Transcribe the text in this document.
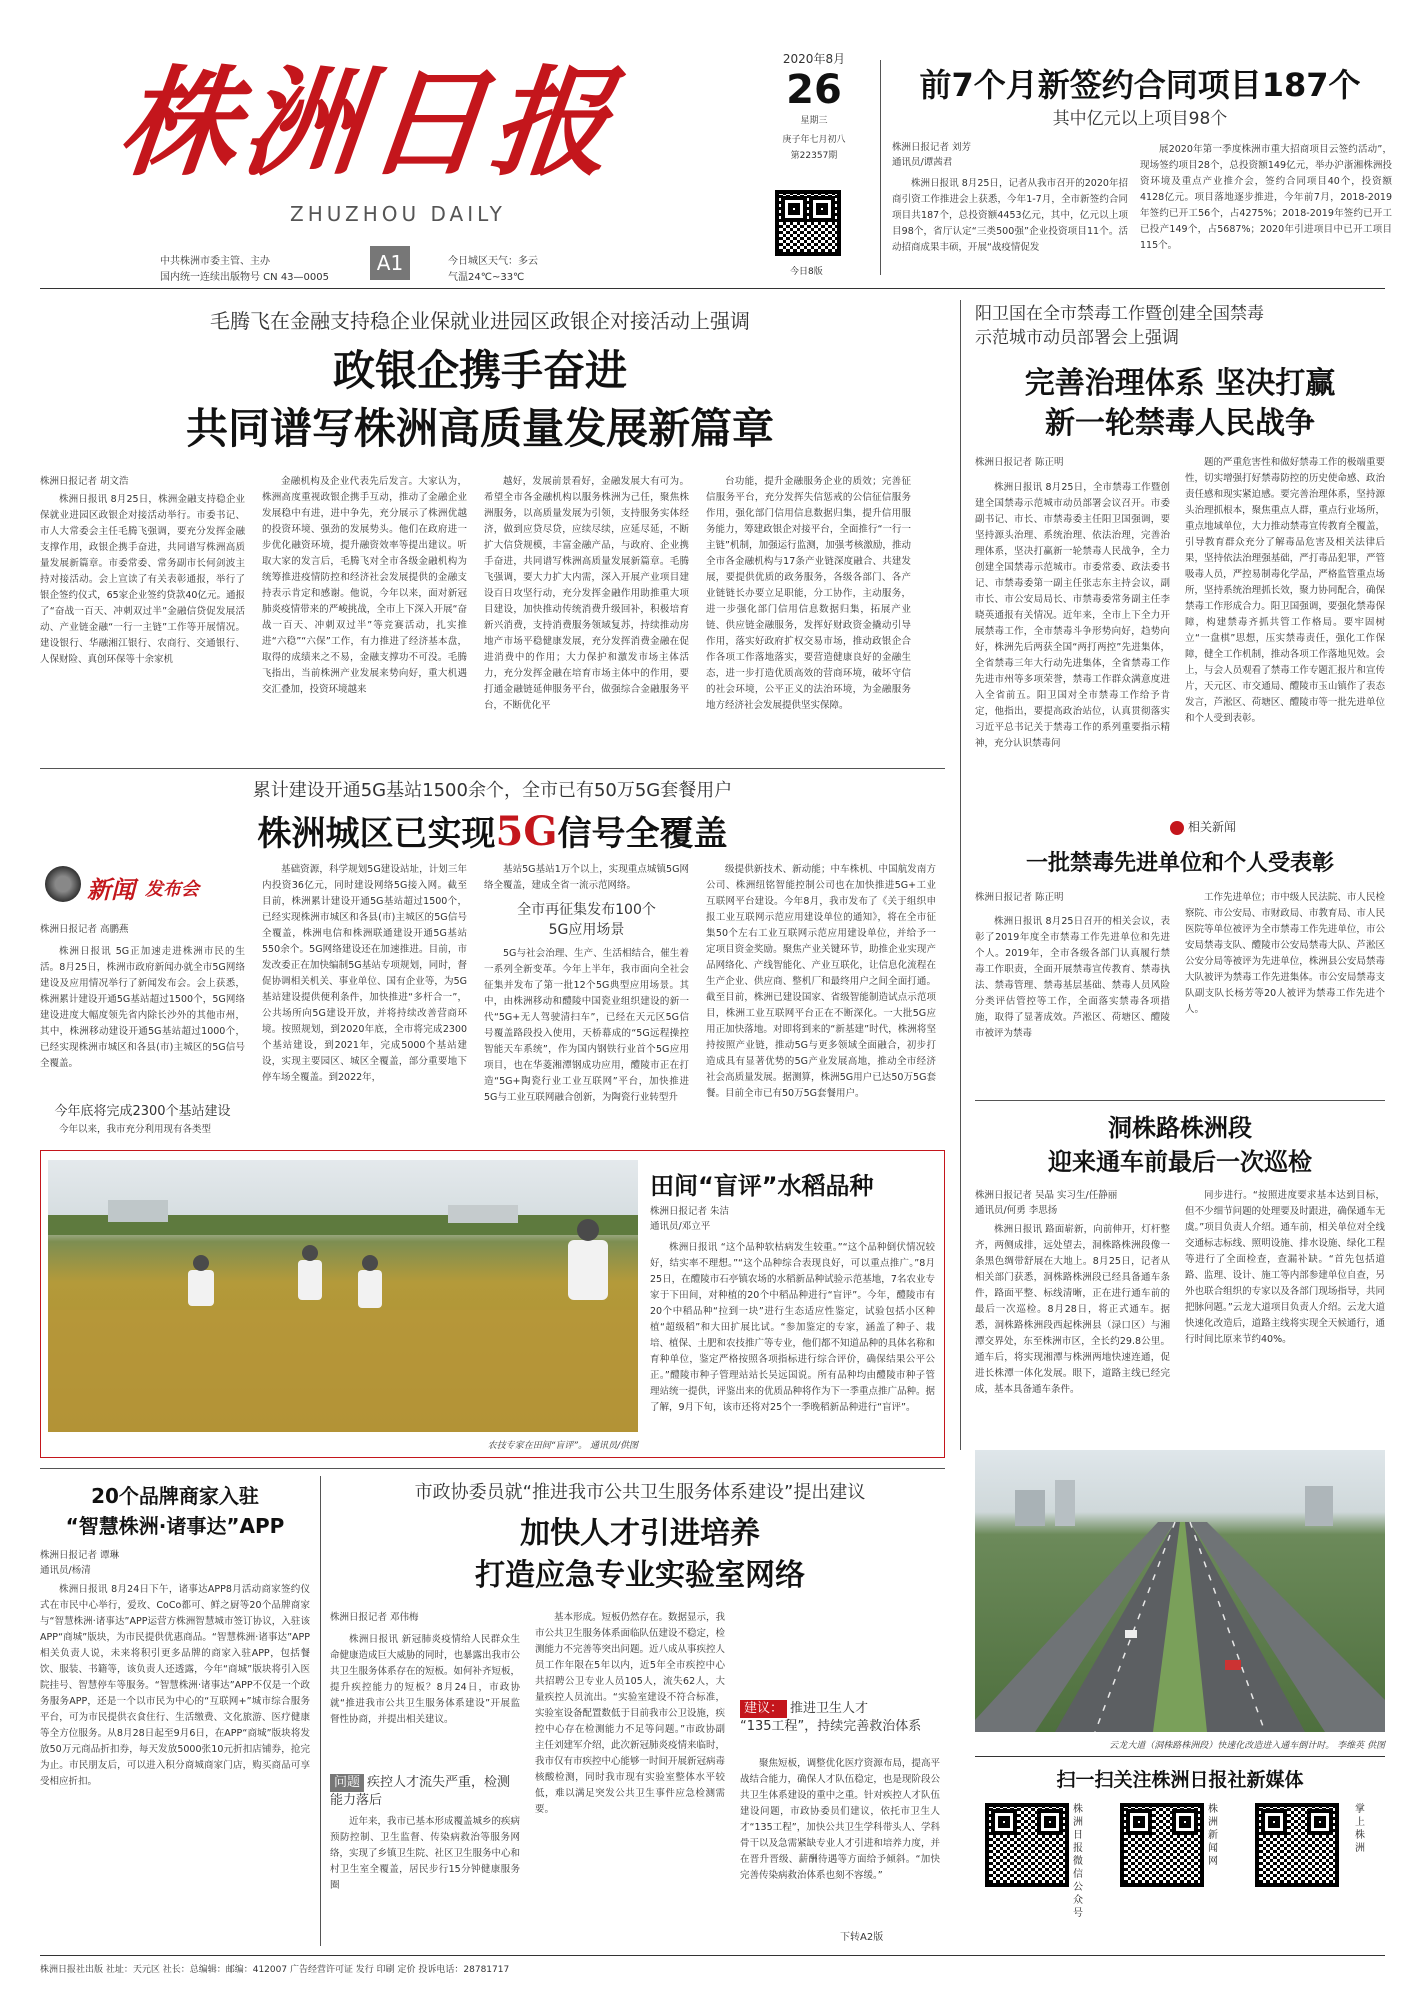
株洲日报
ZHUZHOU DAILY
中共株洲市委主管、主办
国内统一连续出版物号 CN 43—0005
A1	今日城区天气：多云
气温24℃~33℃
2020年8月
26
星期三
庚子年七月初八
第22357期
今日8版
前7个月新签约合同项目187个
其中亿元以上项目98个
株洲日报记者 刘芳
通讯员/谭茜君
株洲日报讯 8月25日，记者从我市召开的2020年招商引资工作推进会上获悉，今年1-7月，全市新签约合同项目共187个，总投资额4453亿元，其中，亿元以上项目98个，省厅认定“三类500强”企业投资项目11个。活动招商成果丰硕，开展“战疫情促发
展2020年第一季度株洲市重大招商项目云签约活动”，现场签约项目28个，总投资额149亿元，举办沪浙湘株洲投资环境及重点产业推介会，签约合同项目40个，投资额4128亿元。项目落地逐步推进，今年前7月，2018-2019年签约已开工56个，占4275%；2018-2019年签约已开工已投产149个，占5687%；2020年引进项目中已开工项目115个。
毛腾飞在金融支持稳企业保就业进园区政银企对接活动上强调
政银企携手奋进
共同谱写株洲高质量发展新篇章
株洲日报记者 胡文浩
株洲日报讯 8月25日，株洲金融支持稳企业保就业进园区政银企对接活动举行。市委书记、市人大常委会主任毛腾飞强调，要充分发挥金融支撑作用，政银企携手奋进，共同谱写株洲高质量发展新篇章。市委常委、常务副市长何剑波主持对接活动。会上宣读了有关表彰通报，举行了银企签约仪式，65家企业签约贷款40亿元。通报了“奋战一百天、冲刺双过半”金融信贷促发展活动、产业链金融“一行一主链”工作等开展情况。建设银行、华融湘江银行、农商行、交通银行、人保财险、真创环保等十余家机
金融机构及企业代表先后发言。大家认为，株洲高度重视政银企携手互动，推动了金融企业发展稳中有进，进中争先，充分展示了株洲优越的投资环境、强劲的发展势头。他们在政府进一步优化融资环境，提升融资效率等提出建议。听取大家的发言后，毛腾飞对全市各级金融机构为统筹推进疫情防控和经济社会发展提供的金融支持表示肯定和感谢。他说，今年以来，面对新冠肺炎疫情带来的严峻挑战，全市上下深入开展“奋战一百天、冲刺双过半”等竞赛活动，扎实推进“六稳”“六保”工作，有力推进了经济基本盘，取得的成绩来之不易，金融支撑功不可没。毛腾飞指出，当前株洲产业发展来势向好，重大机遇交汇叠加，投资环境越来
越好，发展前景看好，金融发展大有可为。希望全市各金融机构以服务株洲为己任，聚焦株洲服务，以高质量发展为引领，支持服务实体经济，做到应贷尽贷，应续尽续，应延尽延，不断扩大信贷规模，丰富金融产品，与政府、企业携手奋进，共同谱写株洲高质量发展新篇章。毛腾飞强调，要大力扩大内需，深入开展产业项目建设百日攻坚行动，充分发挥金融作用助推重大项目建设，加快推动传统消费升级回补，积极培育新兴消费，支持消费服务领域复苏，持续推动房地产市场平稳健康发展，充分发挥消费金融在促进消费中的作用；大力保护和激发市场主体活力，充分发挥金融在培育市场主体中的作用，要打通金融链延伸服务平台，做强综合金融服务平台，不断优化平
台功能，提升金融服务企业的质效；完善征信服务平台，充分发挥失信惩戒的公信征信服务作用，强化部门信用信息数据归集，提升信用服务能力，筹建政银企对接平台，全面推行“一行一主链”机制，加强运行监测，加强考核激励，推动全市各金融机构与17条产业链深度融合、共建发展，要提供优质的政务服务，各级各部门、各产业链链长办要立足职能，分工协作，主动服务，进一步强化部门信用信息数据归集，拓展产业链、供应链金融服务，发挥好财政资金撬动引导作用，落实好政府扩权交易市场，推动政银企合作各项工作落地落实，要营造健康良好的金融生态，进一步打造优质高效的营商环境，破坏守信的社会环境，公平正义的法治环境，为金融服务地方经济社会发展提供坚实保障。
阳卫国在全市禁毒工作暨创建全国禁毒
示范城市动员部署会上强调
完善治理体系 坚决打赢
新一轮禁毒人民战争
株洲日报记者 陈正明
株洲日报讯 8月25日，全市禁毒工作暨创建全国禁毒示范城市动员部署会议召开。市委副书记、市长、市禁毒委主任阳卫国强调，要坚持源头治理、系统治理、依法治理，完善治理体系，坚决打赢新一轮禁毒人民战争，全力创建全国禁毒示范城市。市委常委、政法委书记、市禁毒委第一副主任张志东主持会议，副市长、市公安局局长、市禁毒委常务副主任李晓英通报有关情况。近年来，全市上下全力开展禁毒工作，全市禁毒斗争形势向好，趋势向好，株洲先后两获全国“两打两控”先进集体，全省禁毒三年大行动先进集体，全省禁毒工作先进市州等多项荣誉，禁毒工作群众满意度进入全省前五。阳卫国对全市禁毒工作给予肯定，他指出，要提高政治站位，认真贯彻落实习近平总书记关于禁毒工作的系列重要指示精神，充分认识禁毒问
题的严重危害性和做好禁毒工作的极端重要性，切实增强打好禁毒防控的历史使命感、政治责任感和现实紧迫感。要完善治理体系，坚持源头治理抓根本，聚焦重点人群，重点行业场所，重点地域单位，大力推动禁毒宣传教育全覆盖，引导教育群众充分了解毒品危害及相关法律后果，坚持依法治理强基础，严打毒品犯罪，严管吸毒人员，严控易制毒化学品，严格监管重点场所，坚持系统治理抓长效，聚力协同配合，确保禁毒工作形成合力。阳卫国强调，要强化禁毒保障，构建禁毒齐抓共管工作格局。要牢固树立“一盘棋”思想，压实禁毒责任，强化工作保障，健全工作机制，推动各项工作落地见效。会上，与会人员观看了禁毒工作专题汇报片和宣传片，天元区、市交通局、醴陵市玉山镇作了表态发言，芦淞区、荷塘区、醴陵市等一批先进单位和个人受到表彰。
相关新闻
一批禁毒先进单位和个人受表彰
株洲日报记者 陈正明
株洲日报讯 8月25日召开的相关会议，表彰了2019年度全市禁毒工作先进单位和先进个人。2019年，全市各级各部门认真履行禁毒工作职责，全面开展禁毒宣传教育、禁毒执法、禁毒管理、禁毒基层基础、禁毒人员风险分类评估管控等工作，全面落实禁毒各项措施，取得了显著成效。芦淞区、荷塘区、醴陵市被评为禁毒
工作先进单位；市中级人民法院、市人民检察院、市公安局、市财政局、市教育局、市人民医院等单位被评为全市禁毒工作先进单位，市公安局禁毒支队、醴陵市公安局禁毒大队、芦淞区公安分局等被评为先进单位，株洲县公安局禁毒大队被评为禁毒工作先进集体。市公安局禁毒支队副支队长杨芳等20人被评为禁毒工作先进个人。
洞株路株洲段
迎来通车前最后一次巡检
株洲日报记者 吴晶 实习生/任静丽
通讯员/何勇 李思扬
株洲日报讯 路面崭新，向前伸开，灯杆整齐，两侧成排，远处望去，洞株路株洲段像一条黑色绸带舒展在大地上。8月25日，记者从相关部门获悉，洞株路株洲段已经具备通车条件，路面平整、标线清晰，正在进行通车前的最后一次巡检。8月28日，将正式通车。据悉，洞株路株洲段西起株洲县（渌口区）与湘潭交界处，东至株洲市区，全长约29.8公里。通车后，将实现湘潭与株洲两地快速连通，促进长株潭一体化发展。眼下，道路主线已经完成，基本具备通车条件。
同步进行。“按照进度要求基本达到目标，但不少细节问题的处理要及时跟进，确保通车无虞。”项目负责人介绍。通车前，相关单位对全线交通标志标线、照明设施、排水设施、绿化工程等进行了全面检查，查漏补缺。“首先包括道路、监理、设计、施工等内部参建单位自查，另外也联合组织的专家以及各部门现场指导，共同把脉问题。”云龙大道项目负责人介绍。云龙大道快速化改造后，道路主线将实现全天候通行，通行时间比原来节约40%。
云龙大道（洞株路株洲段）快速化改造进入通车倒计时。 李维英 供图
累计建设开通5G基站1500余个，全市已有50万5G套餐用户
株洲城区已实现5G信号全覆盖
新闻 发布会
株洲日报记者 高鹏燕
株洲日报讯 5G正加速走进株洲市民的生活。8月25日，株洲市政府新闻办就全市5G网络建设及应用情况举行了新闻发布会。会上获悉，株洲累计建设开通5G基站超过1500个，5G网络建设进度大幅度领先省内除长沙外的其他市州，其中，株洲移动建设开通5G基站超过1000个，已经实现株洲市城区和各县(市)主城区的5G信号全覆盖。
今年底将完成2300个基站建设
今年以来，我市充分利用现有各类型
基础资源，科学规划5G建设站址，计划三年内投资36亿元，同时建设网络5G接入网。截至目前，株洲累计建设开通5G基站超过1500个，已经实现株洲市城区和各县(市)主城区的5G信号全覆盖，株洲电信和株洲联通建设开通5G基站550余个。5G网络建设还在加速推进。目前，市发改委正在加快编制5G基站专项规划，同时，督促协调相关机关、事业单位、国有企业等，为5G基站建设提供便利条件，加快推进“多杆合一”，公共场所向5G建设开放，并将持续改善营商环境。按照规划，到2020年底，全市将完成2300个基站建设，到2021年，完成5000个基站建设，实现主要园区、城区全覆盖，部分重要地下停车场全覆盖。到2022年，
基站5G基站1万个以上，实现重点城镇5G网络全覆盖，建成全省一流示范网络。
全市再征集发布100个
5G应用场景
5G与社会治理、生产、生活相结合，催生着一系列全新变革。今年上半年，我市面向全社会征集并发布了第一批12个5G典型应用场景。其中，由株洲移动和醴陵中国瓷业组织建设的新一代“5G+无人驾驶清扫车”，已经在天元区5G信号覆盖路段投入使用，天桥幕成的“5G远程操控智能天车系统”，作为国内钢铁行业首个5G应用项目，也在华菱湘潭钢成功应用，醴陵市正在打造“5G+陶瓷行业工业互联网”平台，加快推进5G与工业互联网融合创新，为陶瓷行业转型升
级提供新技术、新动能；中车株机、中国航发南方公司、株洲纽铭智能控制公司也在加快推进5G+工业互联网平台建设。今年8月，我市发布了《关于组织申报工业互联网示范应用建设单位的通知》，将在全市征集50个左右工业互联网示范应用建设单位，并给予一定项目资金奖励。聚焦产业关键环节，助推企业实现产品网络化、产线智能化、产业互联化，让信息化流程在生产企业、供应商、整机厂和最终用户之间全面打通。截至目前，株洲已建设国家、省级智能制造试点示范项目，株洲工业互联网平台正在不断深化。一大批5G应用正加快落地。对即将到来的“新基建”时代，株洲将坚持按照产业链，推动5G与更多领域全面融合，初步打造成具有显著优势的5G产业发展高地，推动全市经济社会高质量发展。据测算，株洲5G用户已达50万5G套餐。目前全市已有50万5G套餐用户。
农技专家在田间“盲评”。 通讯员/供图
田间“盲评”水稻品种
株洲日报记者 朱洁
通讯员/邓立平
株洲日报讯 “这个品种软枯病发生较重。”“这个品种倒伏情况较好，结实率不理想。”“这个品种综合表现良好，可以重点推广。”8月25日，在醴陵市石亭镇农场的水稻新品种试验示范基地，7名农业专家于下田间，对种植的20个中稻品种进行“盲评”。今年，醴陵市有20个中稻品种“拉到一块”进行生态适应性鉴定，试验包括小区种植“超级稻”和大田扩展比试。“参加鉴定的专家，涵盖了种子、栽培、植保、土肥和农技推广等专业，他们都不知道品种的具体名称和育种单位，鉴定严格按照各项指标进行综合评价，确保结果公平公正。”醴陵市种子管理站站长吴远国说。所有品种均由醴陵市种子管理站统一提供，评鉴出来的优质品种将作为下一季重点推广品种。据了解，9月下旬，该市还将对25个一季晚稻新品种进行“盲评”。
20个品牌商家入驻
“智慧株洲·诸事达”APP
株洲日报记者 谭琳
通讯员/杨清
株洲日报讯 8月24日下午，诸事达APP8月活动商家签约仪式在市民中心举行，爱玫、CoCo都可、鲜之厨等20个品牌商家与“智慧株洲·诸事达”APP运营方株洲智慧城市签订协议，入驻该APP“商城”版块，为市民提供优惠商品。“智慧株洲·诸事达”APP相关负责人说，未来将积引更多品牌的商家入驻APP，包括餐饮、服装、书籍等，该负责人还透露，今年“商城”版块将引入医院挂号、智慧停车等服务。“智慧株洲·诸事达”APP不仅是一个政务服务APP，还是一个以市民为中心的“互联网+”城市综合服务平台，可为市民提供衣食住行、生活缴费、文化旅游、医疗健康等全方位服务。从8月28日起至9月6日，在APP“商城”版块将发放50万元商品折扣券，每天发放5000张10元折扣店铺券，抢完为止。市民朋友后，可以进入积分商城商家门店，购买商品可享受相应折扣。
市政协委员就“推进我市公共卫生服务体系建设”提出建议
加快人才引进培养
打造应急专业实验室网络
株洲日报记者 邓伟梅
株洲日报讯 新冠肺炎疫情给人民群众生命健康造成巨大威胁的同时，也暴露出我市公共卫生服务体系存在的短板。如何补齐短板，提升疾控能力的短板？8月24日，市政协就“推进我市公共卫生服务体系建设”开展监督性协商，并提出相关建议。
问题 疾控人才流失严重，检测能力落后
近年来，我市已基本形成覆盖城乡的疾病预防控制、卫生监督、传染病救治等服务网络，实现了乡镇卫生院、社区卫生服务中心和村卫生室全覆盖，居民步行15分钟健康服务圈
基本形成。短板仍然存在。数据显示，我市公共卫生服务体系面临队伍建设不稳定，检测能力不完善等突出问题。近八成从事疾控人员工作年限在5年以内，近5年全市疾控中心共招聘公卫专业人员105人，流失62人，大量疾控人员流出。“实验室建设不符合标准，实验室设备配置数低于目前我市公卫设施，疾控中心存在检测能力不足等问题。”市政协副主任刘建军介绍，此次新冠肺炎疫情来临时，我市仅有市疾控中心能够一时间开展新冠病毒核酸检测，同时我市现有实验室整体水平较低，难以满足突发公共卫生事件应急检测需要。
建议： 推进卫生人才
“135工程”，持续完善救治体系
聚焦短板，调整优化医疗资源布局，提高平战结合能力，确保人才队伍稳定，也是现阶段公共卫生体系建设的重中之重。针对疾控人才队伍建设问题，市政协委员们建议，依托市卫生人才“135工程”，加快公共卫生学科带头人、学科骨干以及急需紧缺专业人才引进和培养力度，并在晋升晋级、薪酬待遇等方面给予倾斜。“加快完善传染病救治体系也刻不容缓。”
下转A2版
扫一扫关注株洲日报社新媒体
株洲日报微信公众号
株洲新闻网
掌上株洲
株洲日报社出版 社址：天元区 社长：总编辑：邮编：412007 广告经营许可证 发行 印刷 定价 投诉电话：28781717
